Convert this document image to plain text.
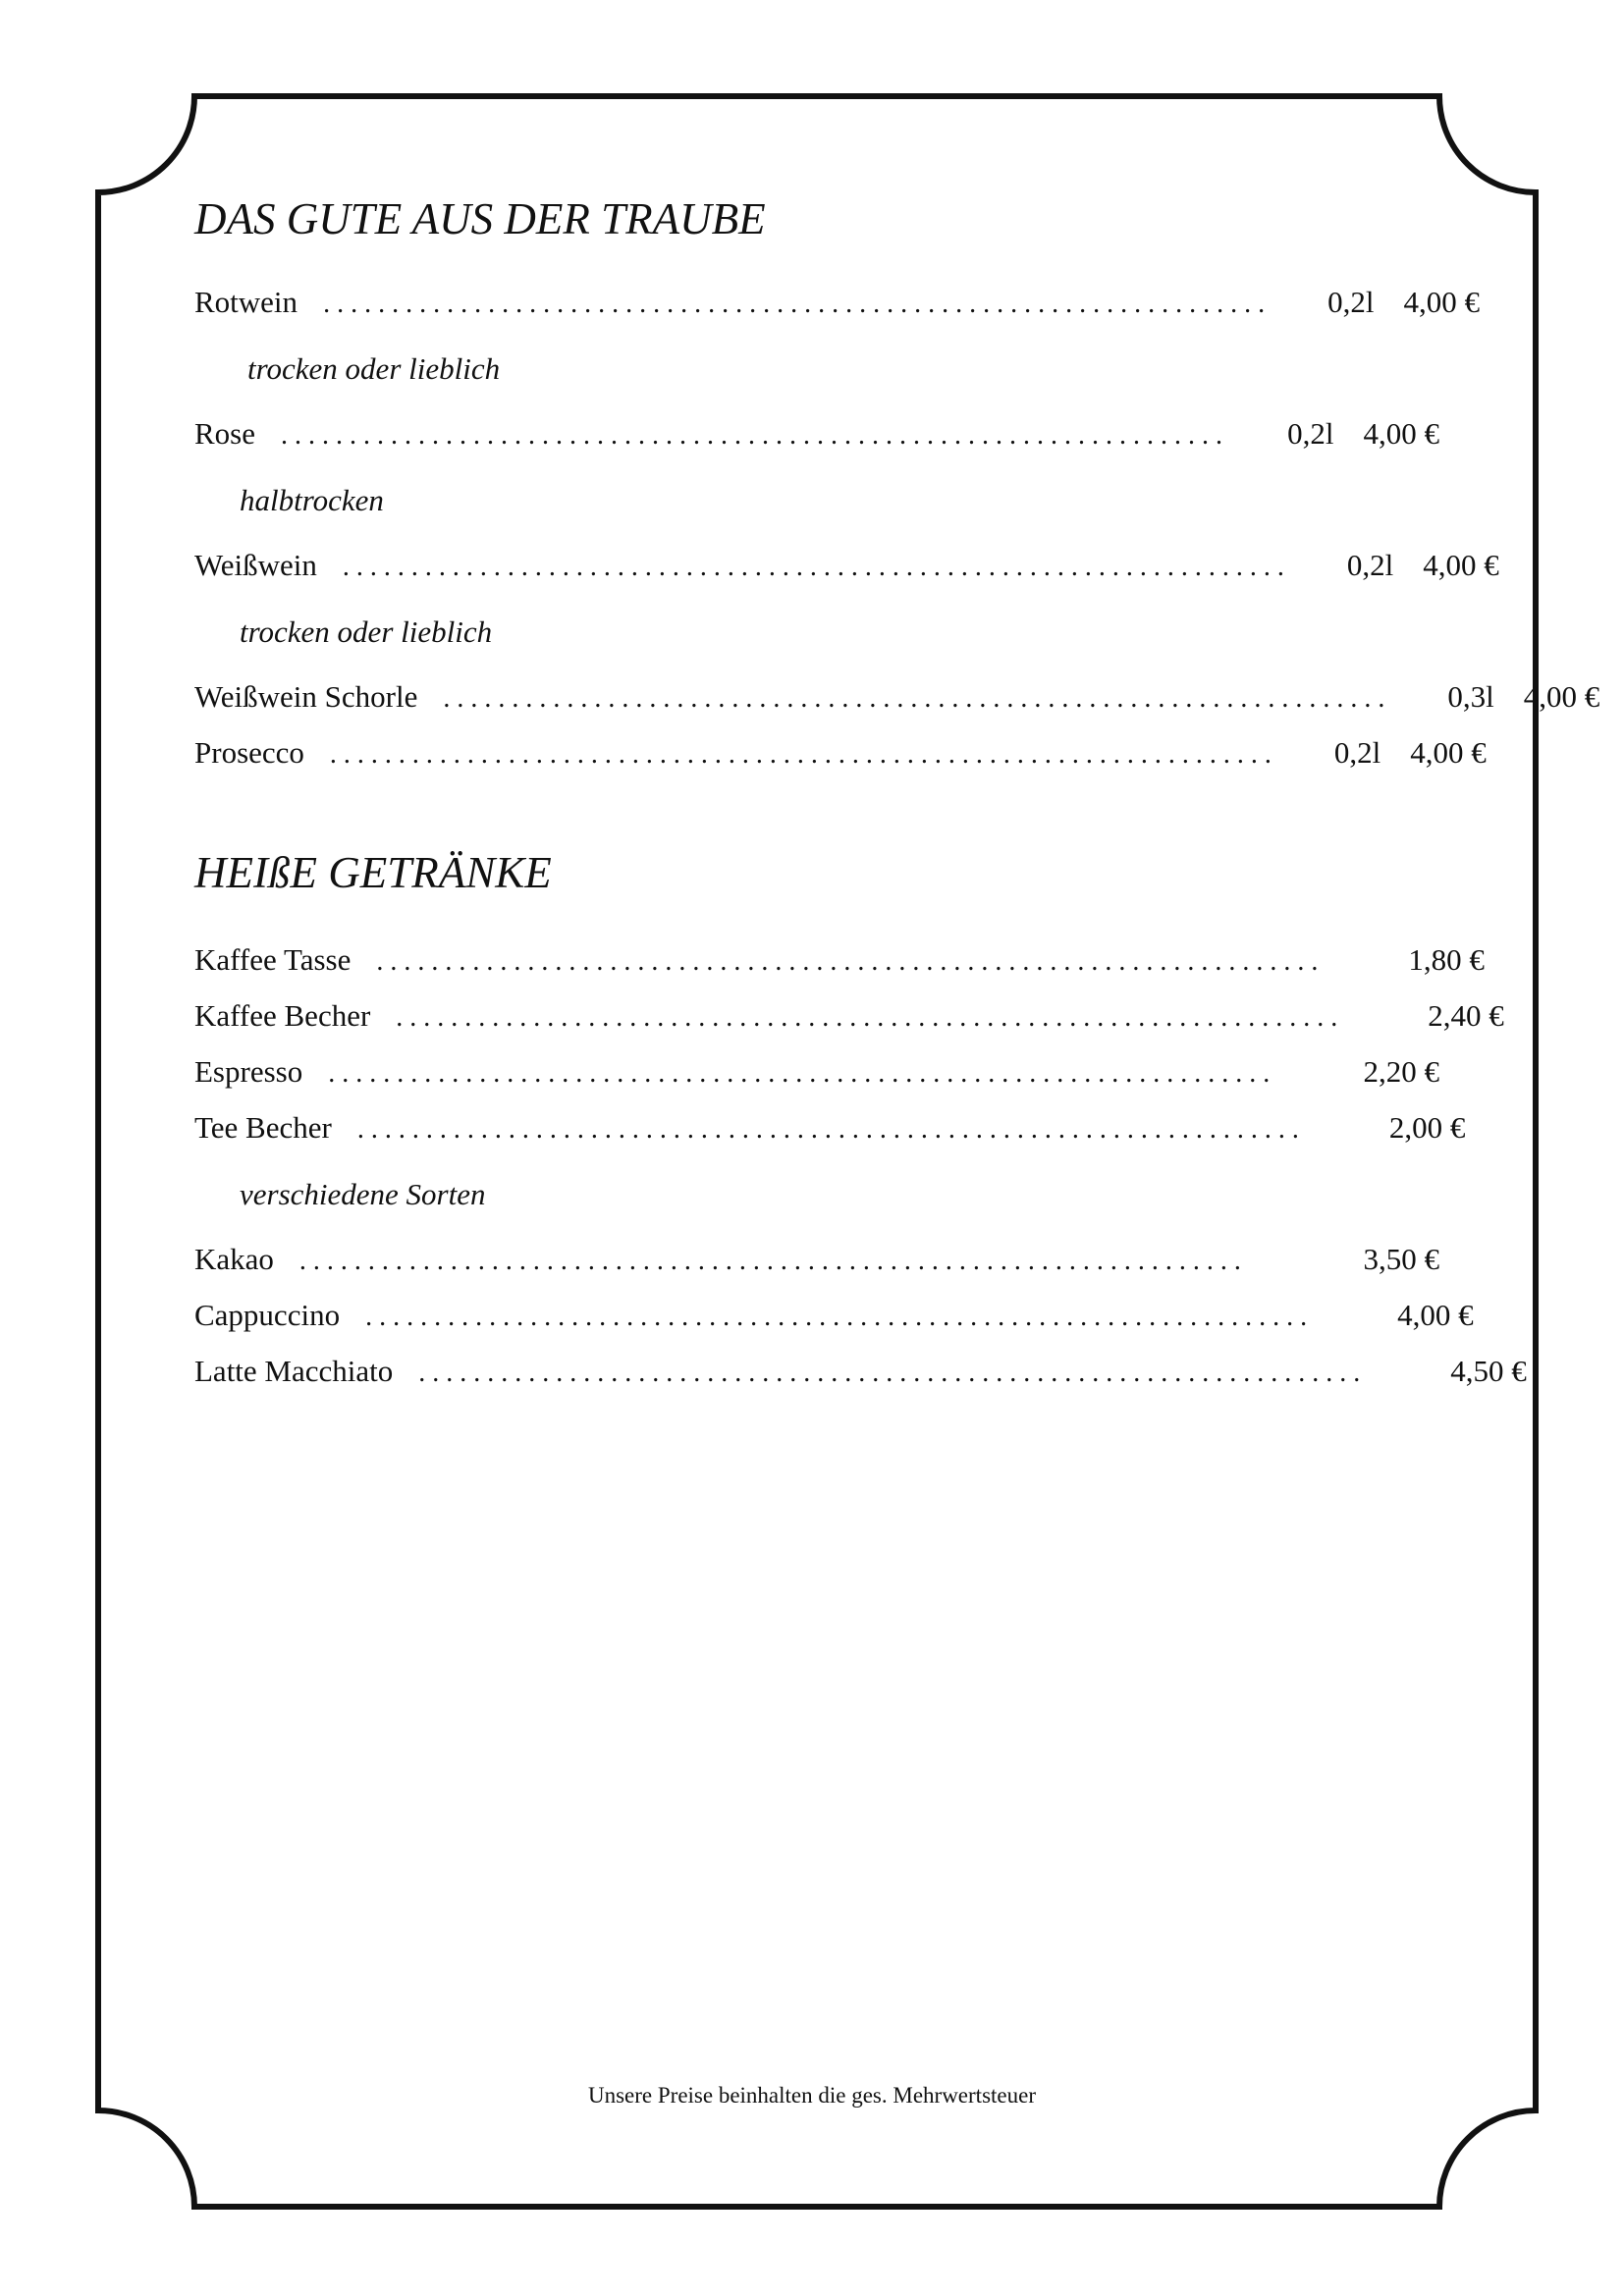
DAS GUTE AUS DER TRAUBE
Rotwein . . . . . . . . . . . . . . . . . . . . . . . . . . . . . . . . . . . . . . . . . . . . . . . . . . . . . . . . . . . . . . . . . . . . . 0,2l 4,00 €
trocken oder lieblich
Rose . . . . . . . . . . . . . . . . . . . . . . . . . . . . . . . . . . . . . . . . . . . . . . . . . . . . . . . . . . . . . . . . . . . . . 0,2l 4,00 €
halbtrocken
Weißwein . . . . . . . . . . . . . . . . . . . . . . . . . . . . . . . . . . . . . . . . . . . . . . . . . . . . . . . . . . . . . . . . . . . . . 0,2l 4,00 €
trocken oder lieblich
Weißwein Schorle . . . . . . . . . . . . . . . . . . . . . . . . . . . . . . . . . . . . . . . . . . . . . . . . . . . . . . . . . . . . . . . . . . . . . 0,3l 4,00 €
Prosecco . . . . . . . . . . . . . . . . . . . . . . . . . . . . . . . . . . . . . . . . . . . . . . . . . . . . . . . . . . . . . . . . . . . . . 0,2l 4,00 €
HEIßE GETRÄNKE
Kaffee Tasse . . . . . . . . . . . . . . . . . . . . . . . . . . . . . . . . . . . . . . . . . . . . . . . . . . . . . . . . . . . . . . . . . . . . .	1,80 €
Kaffee Becher . . . . . . . . . . . . . . . . . . . . . . . . . . . . . . . . . . . . . . . . . . . . . . . . . . . . . . . . . . . . . . . . . . . . .	2,40 €
Espresso . . . . . . . . . . . . . . . . . . . . . . . . . . . . . . . . . . . . . . . . . . . . . . . . . . . . . . . . . . . . . . . . . . . . .	2,20 €
Tee Becher . . . . . . . . . . . . . . . . . . . . . . . . . . . . . . . . . . . . . . . . . . . . . . . . . . . . . . . . . . . . . . . . . . . . .	2,00 €
verschiedene Sorten
Kakao . . . . . . . . . . . . . . . . . . . . . . . . . . . . . . . . . . . . . . . . . . . . . . . . . . . . . . . . . . . . . . . . . . . . .	3,50 €
Cappuccino . . . . . . . . . . . . . . . . . . . . . . . . . . . . . . . . . . . . . . . . . . . . . . . . . . . . . . . . . . . . . . . . . . . . .	4,00 €
Latte Macchiato . . . . . . . . . . . . . . . . . . . . . . . . . . . . . . . . . . . . . . . . . . . . . . . . . . . . . . . . . . . . . . . . . . . . .	4,50 €
Unsere Preise beinhalten die ges. Mehrwertsteuer
